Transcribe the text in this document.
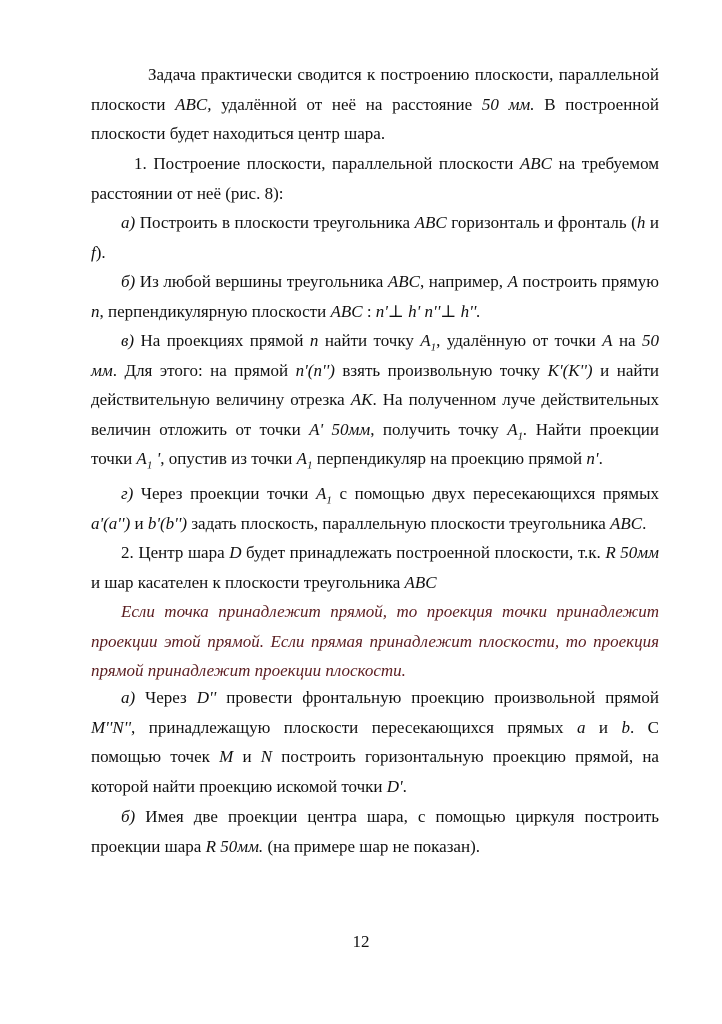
Задача практически сводится к построению плоскости, параллельной плоскости ABC, удалённой от неё на расстояние 50 мм. В построенной плоскости будет находиться центр шара.

1. Построение плоскости, параллельной плоскости ABC на требуемом расстоянии от неё (рис. 8):

а) Построить в плоскости треугольника ABC горизонталь и фронталь (h и f).

б) Из любой вершины треугольника ABC, например, A построить прямую n, перпендикулярную плоскости ABC : n'⊥ h' n''⊥ h''.

в) На проекциях прямой n найти точку $A_1$, удалённую от точки A на 50 мм. Для этого: на прямой n'(n'') взять произвольную точку K'(K'') и найти действительную величину отрезка AK. На полученном луче действительных величин отложить от точки A' 50мм, получить точку $A_1$. Найти проекции точки $A_1$ ', опустив из точки $A_1$ перпендикуляр на проекцию прямой n'.

г) Через проекции точки $A_1$ с помощью двух пересекающихся прямых a'(a'') и b'(b'') задать плоскость, параллельную плоскости треугольника ABC.

2. Центр шара D будет принадлежать построенной плоскости, т.к. R 50мм и шар касателен к плоскости треугольника ABC

Если точка принадлежит прямой, то проекция точки принадлежит проекции этой прямой. Если прямая принадлежит плоскости, то проекция прямой принадлежит проекции плоскости.

а) Через D'' провести фронтальную проекцию произвольной прямой M''N'', принадлежащую плоскости пересекающихся прямых a и b. С помощью точек M и N построить горизонтальную проекцию прямой, на которой найти проекцию искомой точки D'.

б) Имея две проекции центра шара, с помощью циркуля построить проекции шара R 50мм. (на примере шар не показан).

12
